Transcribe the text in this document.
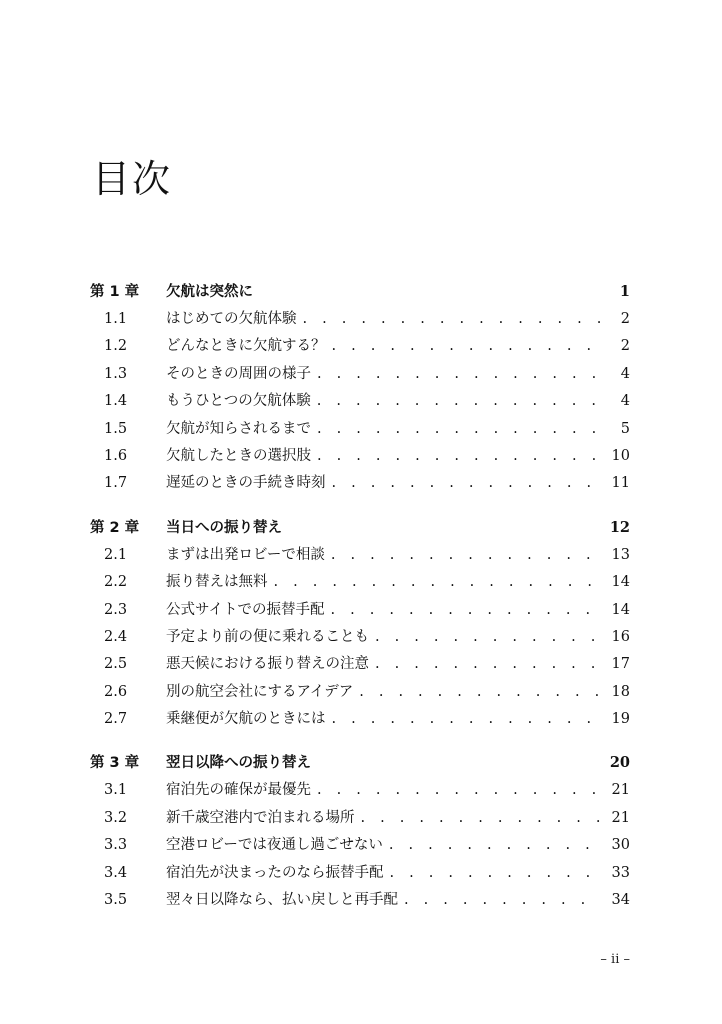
目次
第 1 章	欠航は突然に	1
1.1	はじめての欠航体験 . . .	2
1.2	どんなときに欠航する？ . . .	2
1.3	そのときの周囲の様子 . . .	4
1.4	もうひとつの欠航体験 . . .	4
1.5	欠航が知らされるまで . . .	5
1.6	欠航したときの選択肢 . . .	10
1.7	遅延のときの手続き時刻 . . .	11
第 2 章	当日への振り替え	12
2.1	まずは出発ロビーで相談 . . .	13
2.2	振り替えは無料 . . .	14
2.3	公式サイトでの振替手配 . . .	14
2.4	予定より前の便に乗れることも . . .	16
2.5	悪天候における振り替えの注意 . . .	17
2.6	別の航空会社にするアイデア . . .	18
2.7	乗継便が欠航のときには . . .	19
第 3 章	翌日以降への振り替え	20
3.1	宿泊先の確保が最優先 . . .	21
3.2	新千歳空港内で泊まれる場所 . . .	21
3.3	空港ロビーでは夜通し過ごせない . . .	30
3.4	宿泊先が決まったのなら振替手配 . . .	33
3.5	翌々日以降なら、払い戻しと再手配 . . .	34
– ii –
